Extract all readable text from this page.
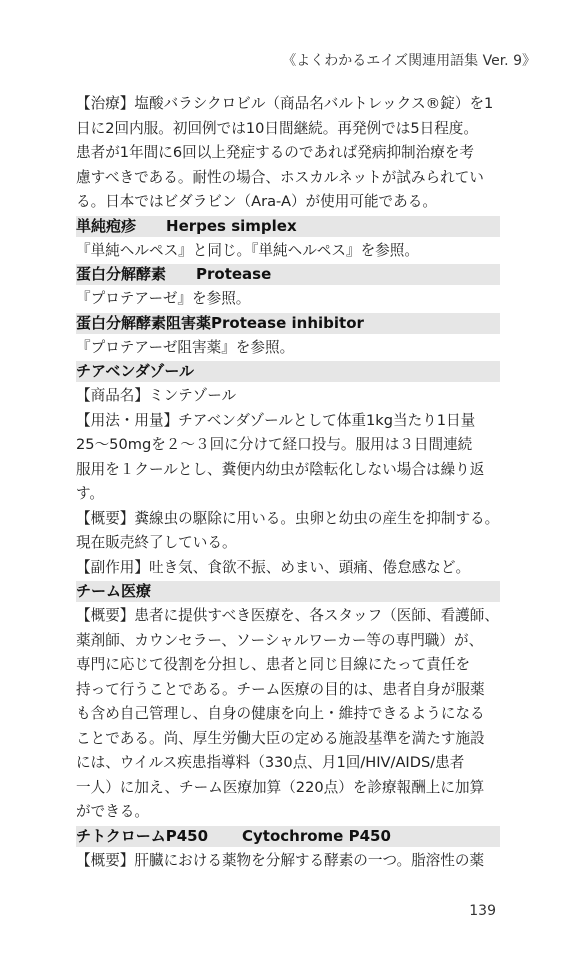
《よくわかるエイズ関連用語集 Ver. 9》
【治療】塩酸バラシクロビル（商品名バルトレックス®錠）を1
日に2回内服。初回例では10日間継続。再発例では5日程度。
患者が1年間に6回以上発症するのであれば発病抑制治療を考
慮すべきである。耐性の場合、ホスカルネットが試みられてい
る。日本ではビダラビン（Ara-A）が使用可能である。
単純疱疹 Herpes simplex
『単純ヘルペス』と同じ。『単純ヘルペス』を参照。
蛋白分解酵素 Protease
『プロテアーゼ』を参照。
蛋白分解酵素阻害薬Protease inhibitor
『プロテアーゼ阻害薬』を参照。
チアベンダゾール
【商品名】ミンテゾール
【用法・用量】チアベンダゾールとして体重1kg当たり1日量
25～50mgを２～３回に分けて経口投与。服用は３日間連続
服用を１クールとし、糞便内幼虫が陰転化しない場合は繰り返
す。
【概要】糞線虫の駆除に用いる。虫卵と幼虫の産生を抑制する。
現在販売終了している。
【副作用】吐き気、食欲不振、めまい、頭痛、倦怠感など。
チーム医療
【概要】患者に提供すべき医療を、各スタッフ（医師、看護師、
薬剤師、カウンセラー、ソーシャルワーカー等の専門職）が、
専門に応じて役割を分担し、患者と同じ目線にたって責任を
持って行うことである。チーム医療の目的は、患者自身が服薬
も含め自己管理し、自身の健康を向上・維持できるようになる
ことである。尚、厚生労働大臣の定める施設基準を満たす施設
には、ウイルス疾患指導料（330点、月1回/HIV/AIDS/患者
一人）に加え、チーム医療加算（220点）を診療報酬上に加算
ができる。
チトクロームP450 Cytochrome P450
【概要】肝臓における薬物を分解する酵素の一つ。脂溶性の薬
139
